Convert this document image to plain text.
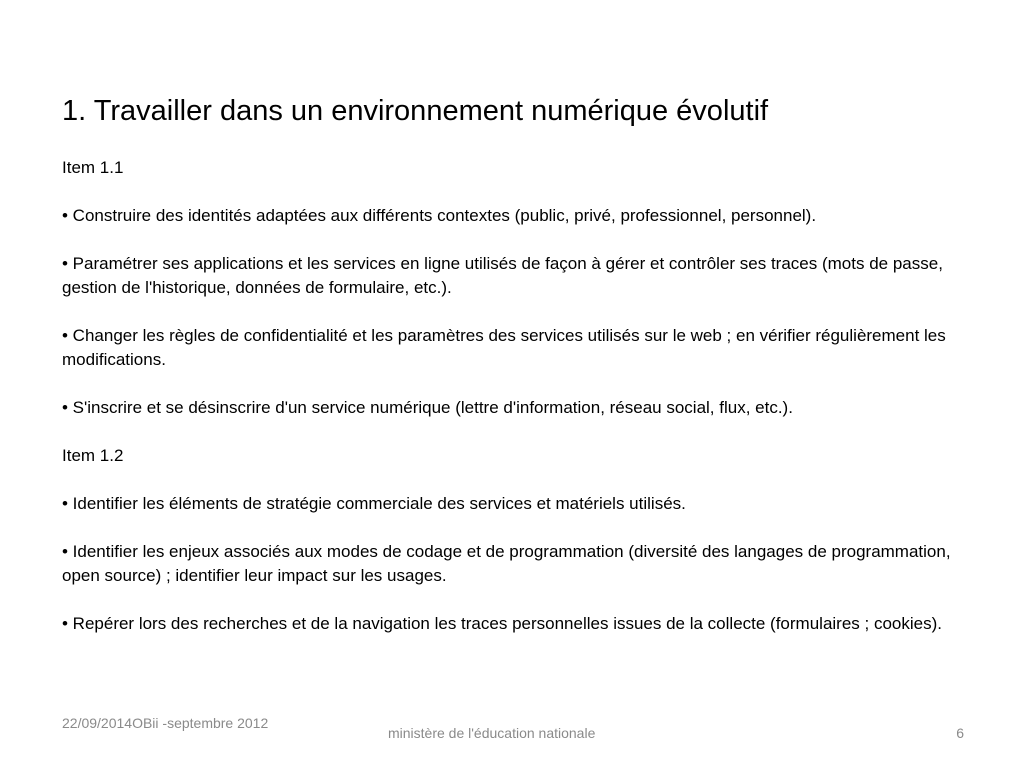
1. Travailler dans un environnement numérique évolutif

Item 1.1

• Construire des identités adaptées aux différents contextes (public, privé, professionnel, personnel).

• Paramétrer ses applications et les services en ligne utilisés de façon à gérer et contrôler ses traces (mots de passe, gestion de l'historique, données de formulaire, etc.).

• Changer les règles de confidentialité et les paramètres des services utilisés sur le web ; en vérifier régulièrement les modifications.

• S'inscrire et se désinscrire d'un service numérique (lettre d'information, réseau social, flux, etc.).

Item 1.2

• Identifier les éléments de stratégie commerciale des services et matériels utilisés.

• Identifier les enjeux associés aux modes de codage et de programmation (diversité des langages de programmation, open source) ; identifier leur impact sur les usages.

• Repérer lors des recherches et de la navigation les traces personnelles issues de la collecte (formulaires ; cookies).

22/09/2014OBii -septembre 2012
ministère de l'éducation nationale	6
